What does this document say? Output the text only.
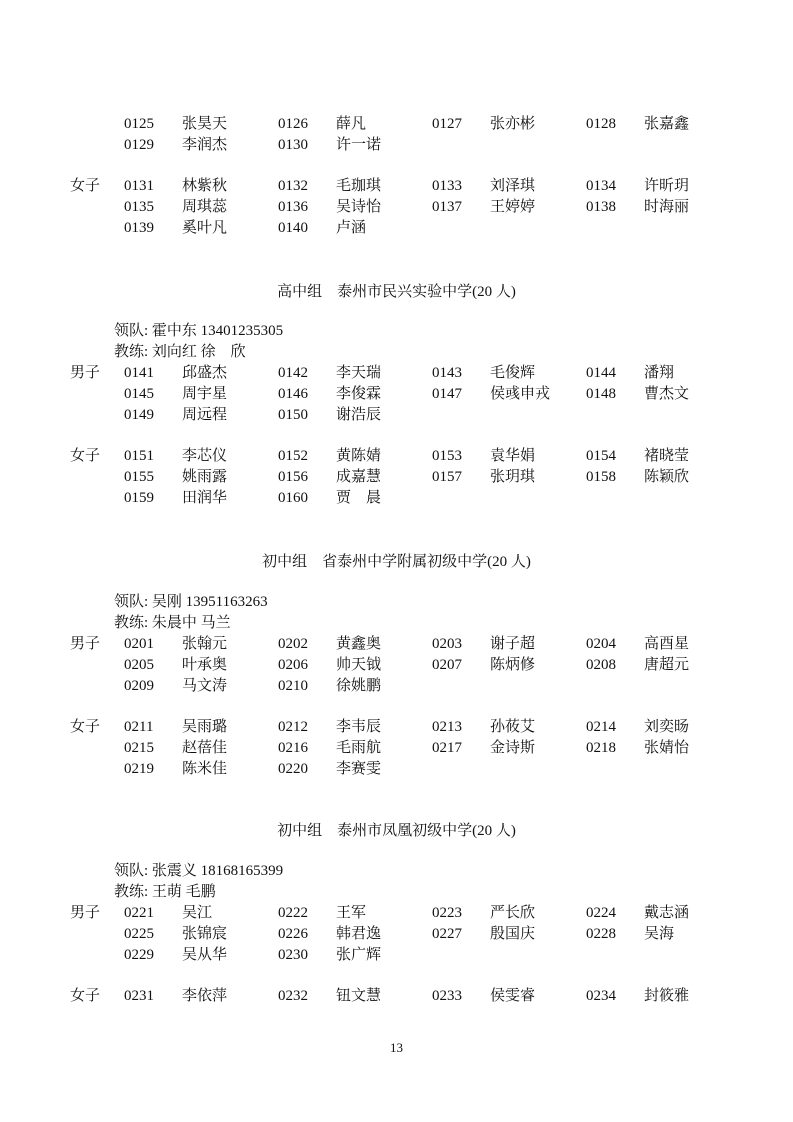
0125 张昊天	0126 薛凡	0127 张亦彬	0128 张嘉鑫
0129 李润杰	0130 许一诺
女子 0131 林紫秋	0132 毛珈琪	0133 刘泽琪	0134 许昕玥
0135 周琪蕊	0136 吴诗怡	0137 王婷婷	0138 时海丽
0139 奚叶凡	0140 卢涵
男子 0141 邱盛杰	0142 李天瑞	0143 毛俊辉	0144 潘翔
0145 周宇星	0146 李俊霖	0147 侯彧申戎 0148 曹杰文
0149 周远程	0150 谢浩辰
女子 0151 李芯仪	0152 黄陈婧	0153 袁华娟	0154 褚晓莹
0155 姚雨露	0156 成嘉慧	0157 张玥琪	0158 陈颖欣
0159 田润华	0160 贾　晨
男子 0201 张翰元	0202 黄鑫奥	0203 谢子超	0204 高酉星
0205 叶承奥	0206 帅天钺	0207 陈炳修	0208 唐超元
0209 马文涛	0210 徐姚鹏
女子 0211 吴雨璐	0212 李韦辰	0213 孙莜艾	0214 刘奕旸
0215 赵蓓佳	0216 毛雨航	0217 金诗斯	0218 张婧怡
0219 陈米佳	0220 李赛雯
男子 0221 吴江	0222 王军	0223 严长欣	0224 戴志涵
0225 张锦宸	0226 韩君逸	0227 殷国庆	0228 吴海
0229 吴从华	0230 张广辉
女子 0231 李依萍	0232 钮文慧	0233 侯雯睿	0234 封筱雅
高中组　泰州市民兴实验中学(20 人)
领队: 霍中东 13401235305
教练: 刘向红 徐　欣
初中组　省泰州中学附属初级中学(20 人)
领队: 吴刚 13951163263
教练: 朱晨中 马兰
初中组　泰州市凤凰初级中学(20 人)
领队: 张震义 18168165399
教练: 王萌 毛鹏
13
